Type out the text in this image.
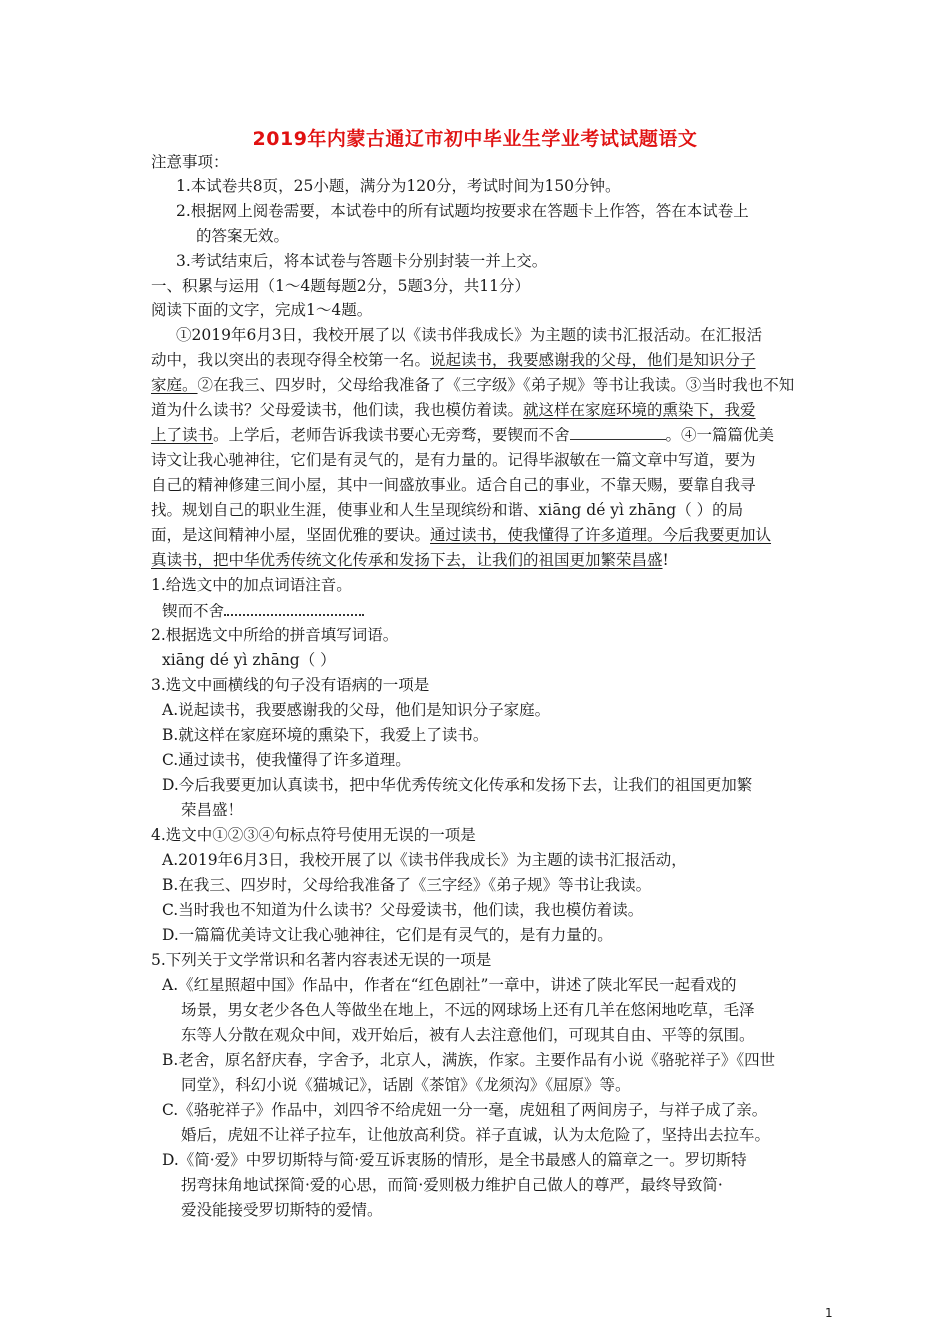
2019年内蒙古通辽市初中毕业生学业考试试题语文
注意事项：
1.本试卷共8页，25小题，满分为120分，考试时间为150分钟。
2.根据网上阅卷需要，本试卷中的所有试题均按要求在答题卡上作答，答在本试卷上
的答案无效。
3.考试结束后，将本试卷与答题卡分别封装一并上交。
一、积累与运用（1～4题每题2分，5题3分，共11分）
阅读下面的文字，完成1～4题。
①2019年6月3日，我校开展了以《读书伴我成长》为主题的读书汇报活动。在汇报活
动中，我以突出的表现夺得全校第一名。说起读书，我要感谢我的父母，他们是知识分子
家庭。②在我三、四岁时，父母给我准备了《三字级》《弟子规》等书让我读。③当时我也不知
道为什么读书？父母爱读书，他们读，我也模仿着读。就这样在家庭环境的熏染下，我爱
上了读书。上学后，老师告诉我读书要心无旁骛，要锲而不舍	。④一篇篇优美
诗文让我心驰神往，它们是有灵气的，是有力量的。记得毕淑敏在一篇文章中写道，要为
自己的精神修建三间小屋，其中一间盛放事业。适合自己的事业，不靠天赐，要靠自我寻
找。规划自己的职业生涯，使事业和人生呈现缤纷和谐、xiāng dé yì zhāng（ ）的局
面，是这间精神小屋，坚固优雅的要诀。通过读书，使我懂得了许多道理。今后我要更加认
真读书，把中华优秀传统文化传承和发扬下去，让我们的祖国更加繁荣昌盛!
1.给选文中的加点词语注音。
锲而不舍
2.根据选文中所给的拼音填写词语。
xiāng dé yì zhāng（ ）
3.选文中画横线的句子没有语病的一项是
A.说起读书，我要感谢我的父母，他们是知识分子家庭。
B.就这样在家庭环境的熏染下，我爱上了读书。
C.通过读书，使我懂得了许多道理。
D.今后我要更加认真读书，把中华优秀传统文化传承和发扬下去，让我们的祖国更加繁
荣昌盛！
4.选文中①②③④句标点符号使用无误的一项是
A.2019年6月3日，我校开展了以《读书伴我成长》为主题的读书汇报活动，
B.在我三、四岁时，父母给我准备了《三字经》《弟子规》等书让我读。
C.当时我也不知道为什么读书？父母爱读书，他们读，我也模仿着读。
D.一篇篇优美诗文让我心驰神往，它们是有灵气的，是有力量的。
5.下列关于文学常识和名著内容表述无误的一项是
A.《红星照超中国》作品中，作者在“红色剧社”一章中，讲述了陕北军民一起看戏的
场景，男女老少各色人等做坐在地上，不远的网球场上还有几羊在悠闲地吃草，毛泽
东等人分散在观众中间，戏开始后，被有人去注意他们，可现其自由、平等的氛围。
B.老舍，原名舒庆春，字舍予，北京人，满族，作家。主要作品有小说《骆驼祥子》《四世
同堂》，科幻小说《猫城记》，话剧《茶馆》《龙须沟》《屈原》等。
C.《骆驼祥子》作品中，刘四爷不给虎妞一分一毫，虎妞租了两间房子，与祥子成了亲。
婚后，虎妞不让祥子拉车，让他放高利贷。祥子直诚，认为太危险了，坚持出去拉车。
D.《简·爱》中罗切斯特与简·爱互诉衷肠的情形，是全书最感人的篇章之一。罗切斯特
拐弯抹角地试探简·爱的心思，而简·爱则极力维护自己做人的尊严，最终导致简·
爱没能接受罗切斯特的爱情。
1
